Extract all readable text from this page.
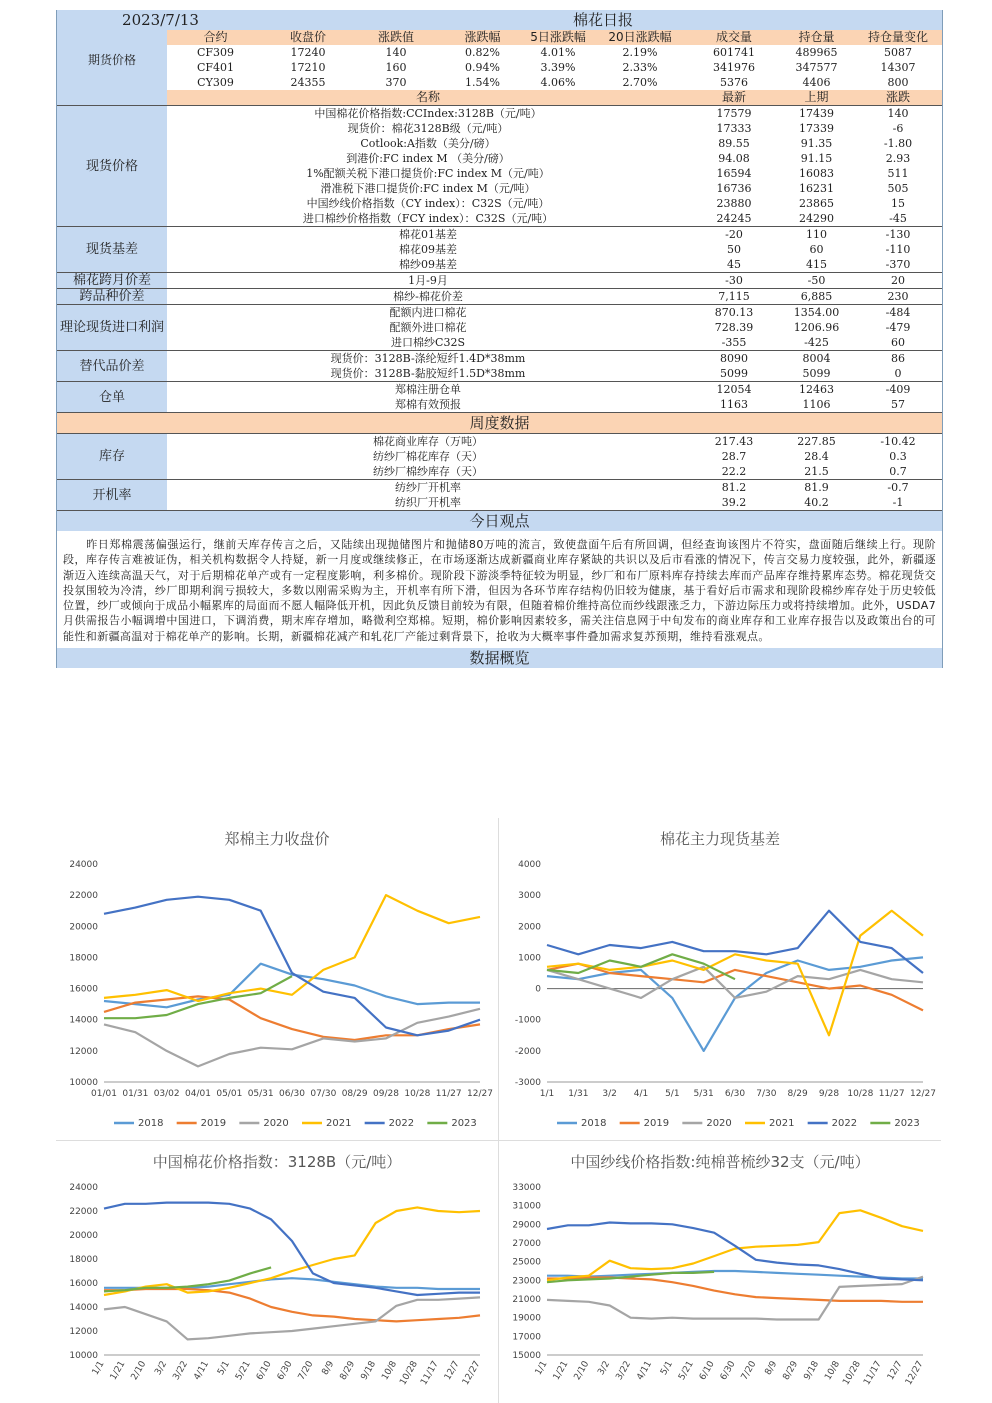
2023/7/13		棉花日报							
期货价格	合约	收盘价	涨跌值	涨跌幅	5日涨跌幅	20日涨跌幅	成交量	持仓量	持仓量变化
	CF309	17240	140	0.82%	4.01%	2.19%	601741	489965	5087
	CF401	17210	160	0.94%	3.39%	2.33%	341976	347577	14307
	CY309	24355	370	1.54%	4.06%	2.70%	5376	4406	800
	名称						最新	上期	涨跌
现货价格	中国棉花价格指数:CCIndex:3128B（元/吨）						17579	17439	140
	现货价：棉花3128B级（元/吨）						17333	17339	-6
	Cotlook:A指数（美分/磅）						89.55	91.35	-1.80
	到港价:FC index M （美分/磅）						94.08	91.15	2.93
	1%配额关税下港口提货价:FC index M（元/吨）						16594	16083	511
	滑准税下港口提货价:FC index M（元/吨）						16736	16231	505
	中国纱线价格指数（CY index）：C32S（元/吨）						23880	23865	15
	进口棉纱价格指数（FCY index）：C32S（元/吨）						24245	24290	-45
现货基差	棉花01基差						-20	110	-130
	棉花09基差						50	60	-110
	棉纱09基差						45	415	-370
棉花跨月价差	1月-9月						-30	-50	20
跨品种价差	棉纱-棉花价差						7,115	6,885	230
理论现货进口利润	配额内进口棉花						870.13	1354.00	-484
	配额外进口棉花						728.39	1206.96	-479
	进口棉纱C32S						-355	-425	60
替代品价差	现货价：3128B-涤纶短纤1.4D*38mm						8090	8004	86
	现货价：3128B-黏胶短纤1.5D*38mm						5099	5099	0
仓单	郑棉注册仓单						12054	12463	-409
	郑棉有效预报						1163	1106	57
周度数据									
库存	棉花商业库存（万吨）						217.43	227.85	-10.42
	纺纱厂棉花库存（天）						28.7	28.4	0.3
	纺纱厂棉纱库存（天）						22.2	21.5	0.7
开机率	纺纱厂开机率						81.2	81.9	-0.7
	纺织厂开机率						39.2	40.2	-1
今日观点									

　　昨日郑棉震荡偏强运行，继前天库存传言之后，又陆续出现抛储图片和抛储80万吨的流言，致使盘面午后有所回调，但经查询该图片不符实，盘面随后继续上行。现阶段，库存传言难被证伪，相关机构数据令人持疑，新一月度或继续修正，在市场逐渐达成新疆商业库存紧缺的共识以及后市看涨的情况下，传言交易力度较强，此外，新疆逐渐迈入连续高温天气，对于后期棉花单产或有一定程度影响，利多棉价。现阶段下游淡季特征较为明显，纱厂和布厂原料库存持续去库而产品库存维持累库态势。棉花现货交投氛围较为冷清，纱厂即期利润亏损较大，多数以刚需采购为主，开机率有所下滑，但因为各环节库存结构仍旧较为健康，基于看好后市需求和现阶段棉纱库存处于历史较低位置，纱厂或倾向于成品小幅累库的局面而不愿人幅降低开机，因此负反馈目前较为有限，但随着棉价维持高位而纱线跟涨乏力，下游边际压力或将持续增加。此外，USDA7月供需报告小幅调增中国进口，下调消费，期末库存增加，略微利空郑棉。短期，棉价影响因素较多，需关注信息网于中旬发布的商业库存和工业库存报告以及政策出台的可能性和新疆高温对于棉花单产的影响。长期，新疆棉花减产和轧花厂产能过剩背景下，抢收为大概率事件叠加需求复苏预期，维持看涨观点。									

数据概览									
郑棉主力收盘价
10000
12000
14000
16000
18000
20000
22000
24000
01/01 01/31 03/02 04/01 05/01 05/31 06/30 07/30 08/29 09/28 10/28 11/27 12/27
2018	2019	2020	2021	2022	2023
棉花主力现货基差
-3000
-2000
-1000
0
1000
2000
3000
4000
1/1 1/31 3/2 4/1 5/1 5/31 6/30 7/30 8/29 9/28 10/28 11/27 12/27
2018	2019	2020	2021	2022	2023
中国棉花价格指数：3128B（元/吨）
10000
12000
14000
16000
18000
20000
22000
24000
1/1 1/21 2/10 3/2 3/22 4/11 5/1 5/21 6/10 6/30 7/20 8/9 8/29 9/18 10/8 10/28 11/17 12/7 12/27
中国纱线价格指数:纯棉普梳纱32支（元/吨）
15000
17000
19000
21000
23000
25000
27000
29000
31000
33000
1/1 1/21 2/10 3/2 3/22 4/11 5/1 5/21 6/10 6/30 7/20 8/9 8/29 9/18 10/8 10/28 11/17 12/7 12/27
